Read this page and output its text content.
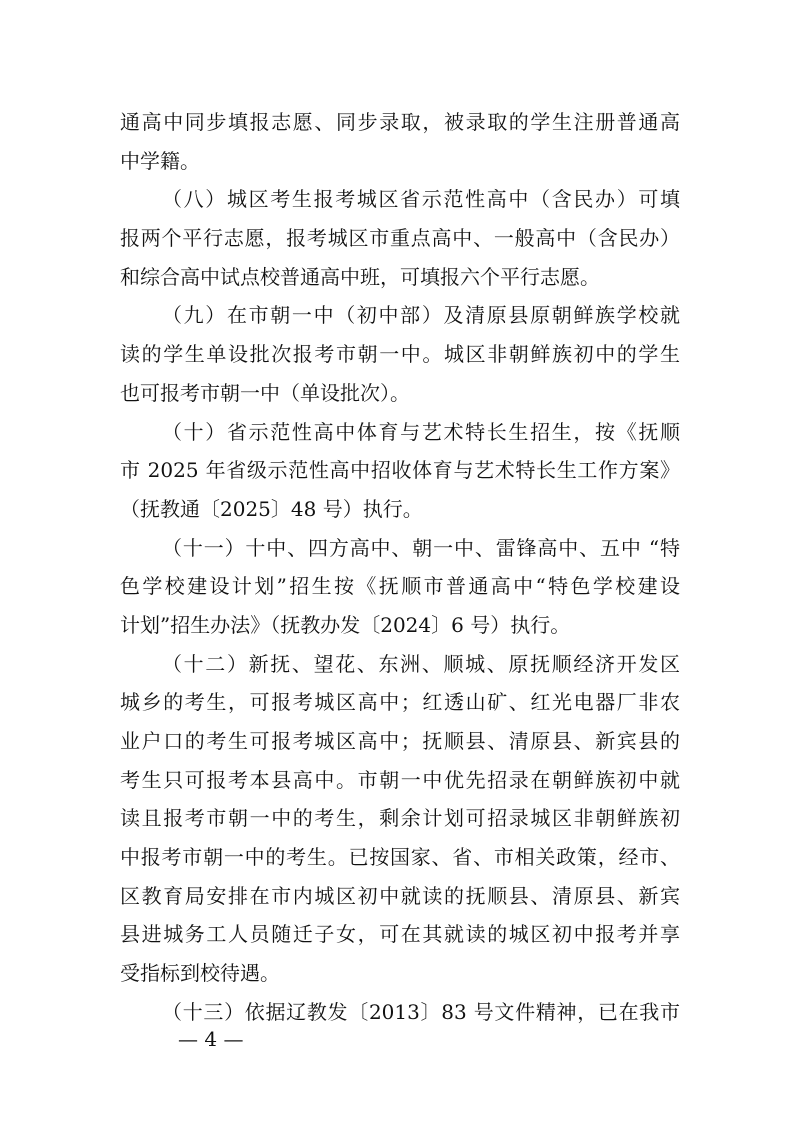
通高中同步填报志愿、同步录取，被录取的学生注册普通高
中学籍。
（八）城区考生报考城区省示范性高中（含民办）可填
报两个平行志愿，报考城区市重点高中、一般高中（含民办）
和综合高中试点校普通高中班，可填报六个平行志愿。
（九）在市朝一中（初中部）及清原县原朝鲜族学校就
读的学生单设批次报考市朝一中。城区非朝鲜族初中的学生
也可报考市朝一中（单设批次）。
（十）省示范性高中体育与艺术特长生招生，按《抚顺
市 2025 年省级示范性高中招收体育与艺术特长生工作方案》
（抚教通〔2025〕48 号）执行。
（十一）十中、四方高中、朝一中、雷锋高中、五中 “特
色学校建设计划”招生按《抚顺市普通高中“特色学校建设
计划”招生办法》（抚教办发〔2024〕6 号）执行。
（十二）新抚、望花、东洲、顺城、原抚顺经济开发区
城乡的考生，可报考城区高中；红透山矿、红光电器厂非农
业户口的考生可报考城区高中；抚顺县、清原县、新宾县的
考生只可报考本县高中。市朝一中优先招录在朝鲜族初中就
读且报考市朝一中的考生，剩余计划可招录城区非朝鲜族初
中报考市朝一中的考生。已按国家、省、市相关政策，经市、
区教育局安排在市内城区初中就读的抚顺县、清原县、新宾
县进城务工人员随迁子女，可在其就读的城区初中报考并享
受指标到校待遇。
（十三）依据辽教发〔2013〕83 号文件精神，已在我市
— 4 —
